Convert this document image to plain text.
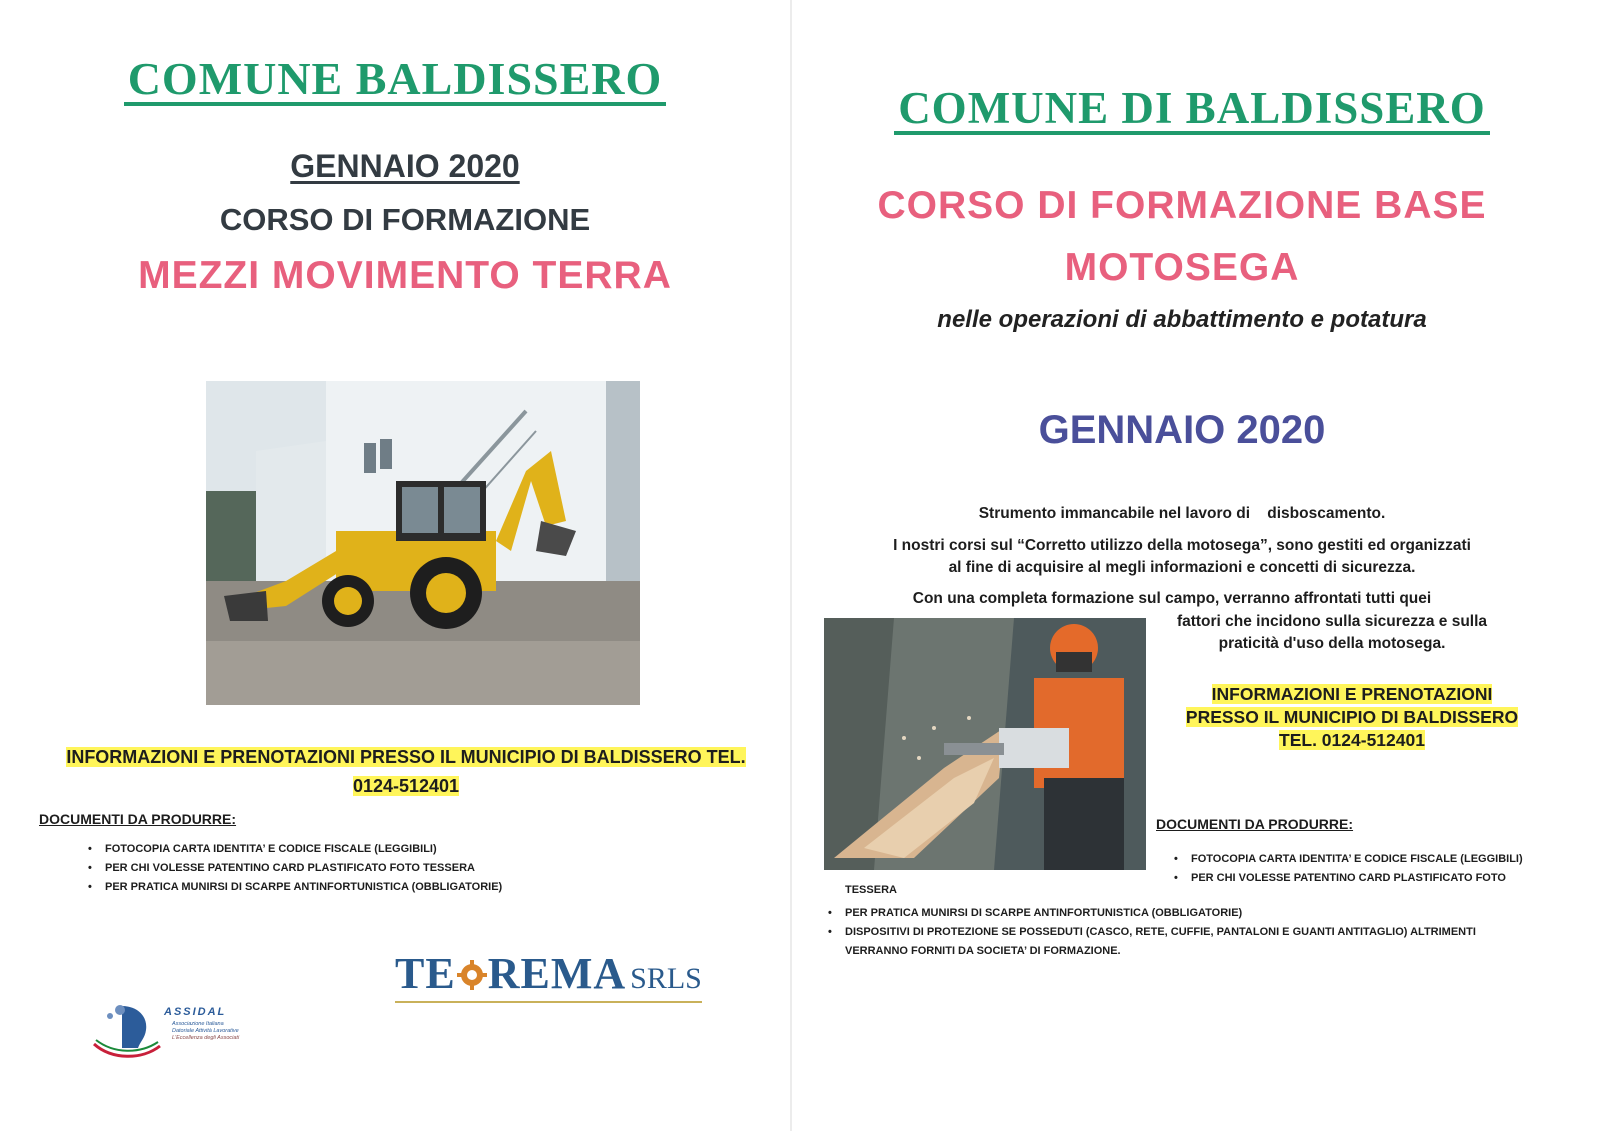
COMUNE BALDISSERO
GENNAIO 2020
CORSO DI FORMAZIONE
MEZZI MOVIMENTO TERRA
INFORMAZIONI E PRENOTAZIONI PRESSO IL MUNICIPIO DI BALDISSERO TEL.
0124-512401
DOCUMENTI DA PRODURRE:
• FOTOCOPIA CARTA IDENTITA’ E CODICE FISCALE (LEGGIBILI)
• PER CHI VOLESSE PATENTINO CARD PLASTIFICATO FOTO TESSERA
• PER PRATICA MUNIRSI DI SCARPE ANTINFORTUNISTICA (OBBLIGATORIE)
TE REMA SRLS
ASSIDAL
Associazione Italiana
Datoriale Attività Lavorative
L'Eccellenza degli Associati
COMUNE DI BALDISSERO
CORSO DI FORMAZIONE BASE
MOTOSEGA
nelle operazioni di abbattimento e potatura
GENNAIO 2020
Strumento immancabile nel lavoro di    disboscamento.
I nostri corsi sul “Corretto utilizzo della motosega”, sono gestiti ed organizzati
al fine di acquisire al megli informazioni e concetti di sicurezza.
Con una completa formazione sul campo, verranno affrontati tutti quei
fattori che incidono sulla sicurezza e sulla
praticità d'uso della motosega.
INFORMAZIONI E PRENOTAZIONI
PRESSO IL MUNICIPIO DI BALDISSERO
TEL. 0124-512401
DOCUMENTI DA PRODURRE:
• FOTOCOPIA CARTA IDENTITA’ E CODICE FISCALE (LEGGIBILI)
• PER CHI VOLESSE PATENTINO CARD PLASTIFICATO FOTO
TESSERA
• PER PRATICA MUNIRSI DI SCARPE ANTINFORTUNISTICA (OBBLIGATORIE)
• DISPOSITIVI DI PROTEZIONE SE POSSEDUTI (CASCO, RETE, CUFFIE, PANTALONI E GUANTI ANTITAGLIO) ALTRIMENTI
VERRANNO FORNITI DA SOCIETA’ DI FORMAZIONE.
